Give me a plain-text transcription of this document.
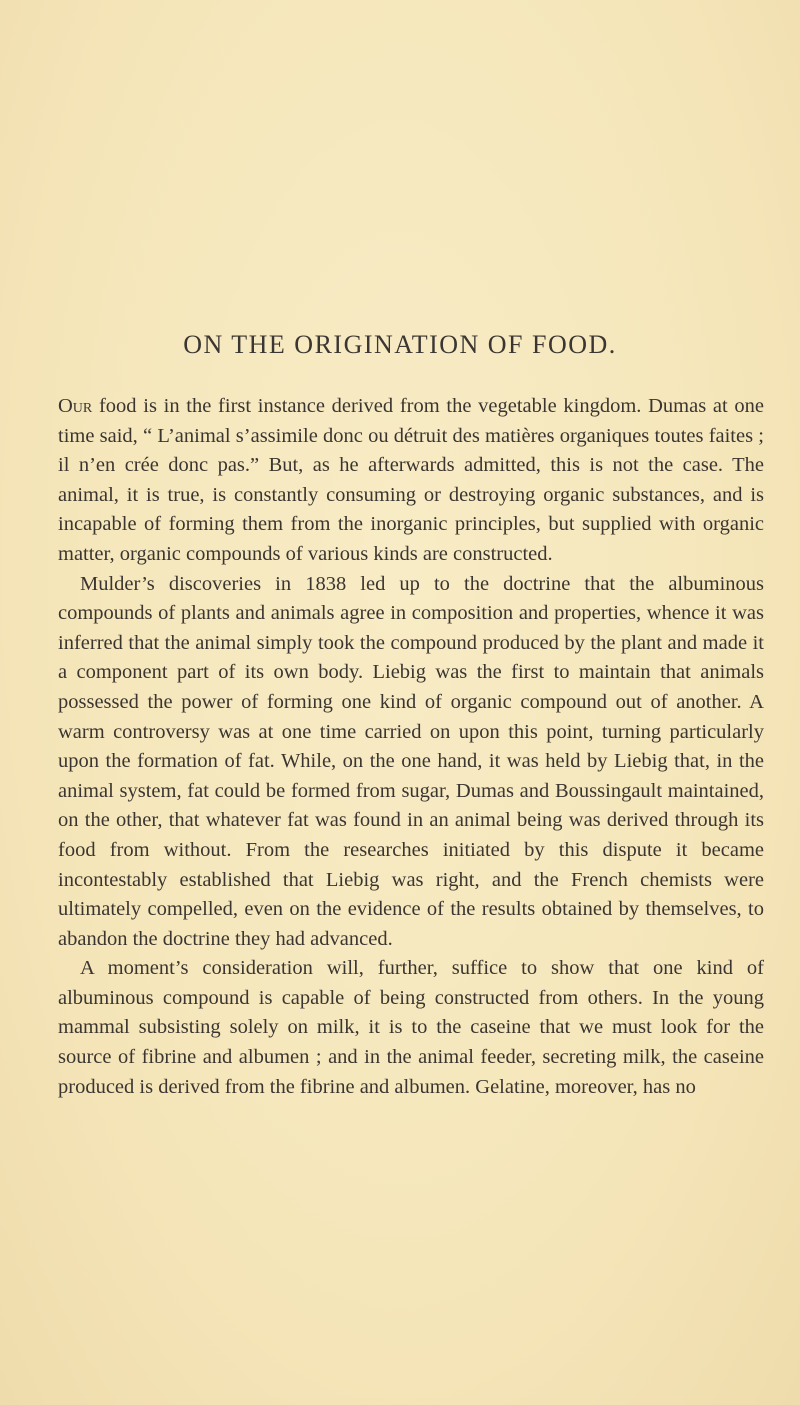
ON THE ORIGINATION OF FOOD.

Our food is in the first instance derived from the vegetable kingdom. Dumas at one time said, “ L’animal s’assimile donc ou détruit des matières organiques toutes faites ; il n’en crée donc pas.” But, as he afterwards admitted, this is not the case. The animal, it is true, is constantly consuming or destroying organic substances, and is incapable of forming them from the inorganic principles, but supplied with organic matter, organic compounds of various kinds are constructed.

Mulder’s discoveries in 1838 led up to the doctrine that the albuminous compounds of plants and animals agree in composition and properties, whence it was inferred that the animal simply took the compound produced by the plant and made it a component part of its own body. Liebig was the first to maintain that animals possessed the power of forming one kind of organic compound out of another. A warm controversy was at one time carried on upon this point, turning particularly upon the formation of fat. While, on the one hand, it was held by Liebig that, in the animal system, fat could be formed from sugar, Dumas and Boussingault maintained, on the other, that whatever fat was found in an animal being was derived through its food from without. From the researches initiated by this dispute it became incontestably established that Liebig was right, and the French chemists were ultimately compelled, even on the evidence of the results obtained by themselves, to abandon the doctrine they had advanced.

A moment’s consideration will, further, suffice to show that one kind of albuminous compound is capable of being constructed from others. In the young mammal subsisting solely on milk, it is to the caseine that we must look for the source of fibrine and albumen ; and in the animal feeder, secreting milk, the caseine produced is derived from the fibrine and albumen. Gelatine, moreover, has no
